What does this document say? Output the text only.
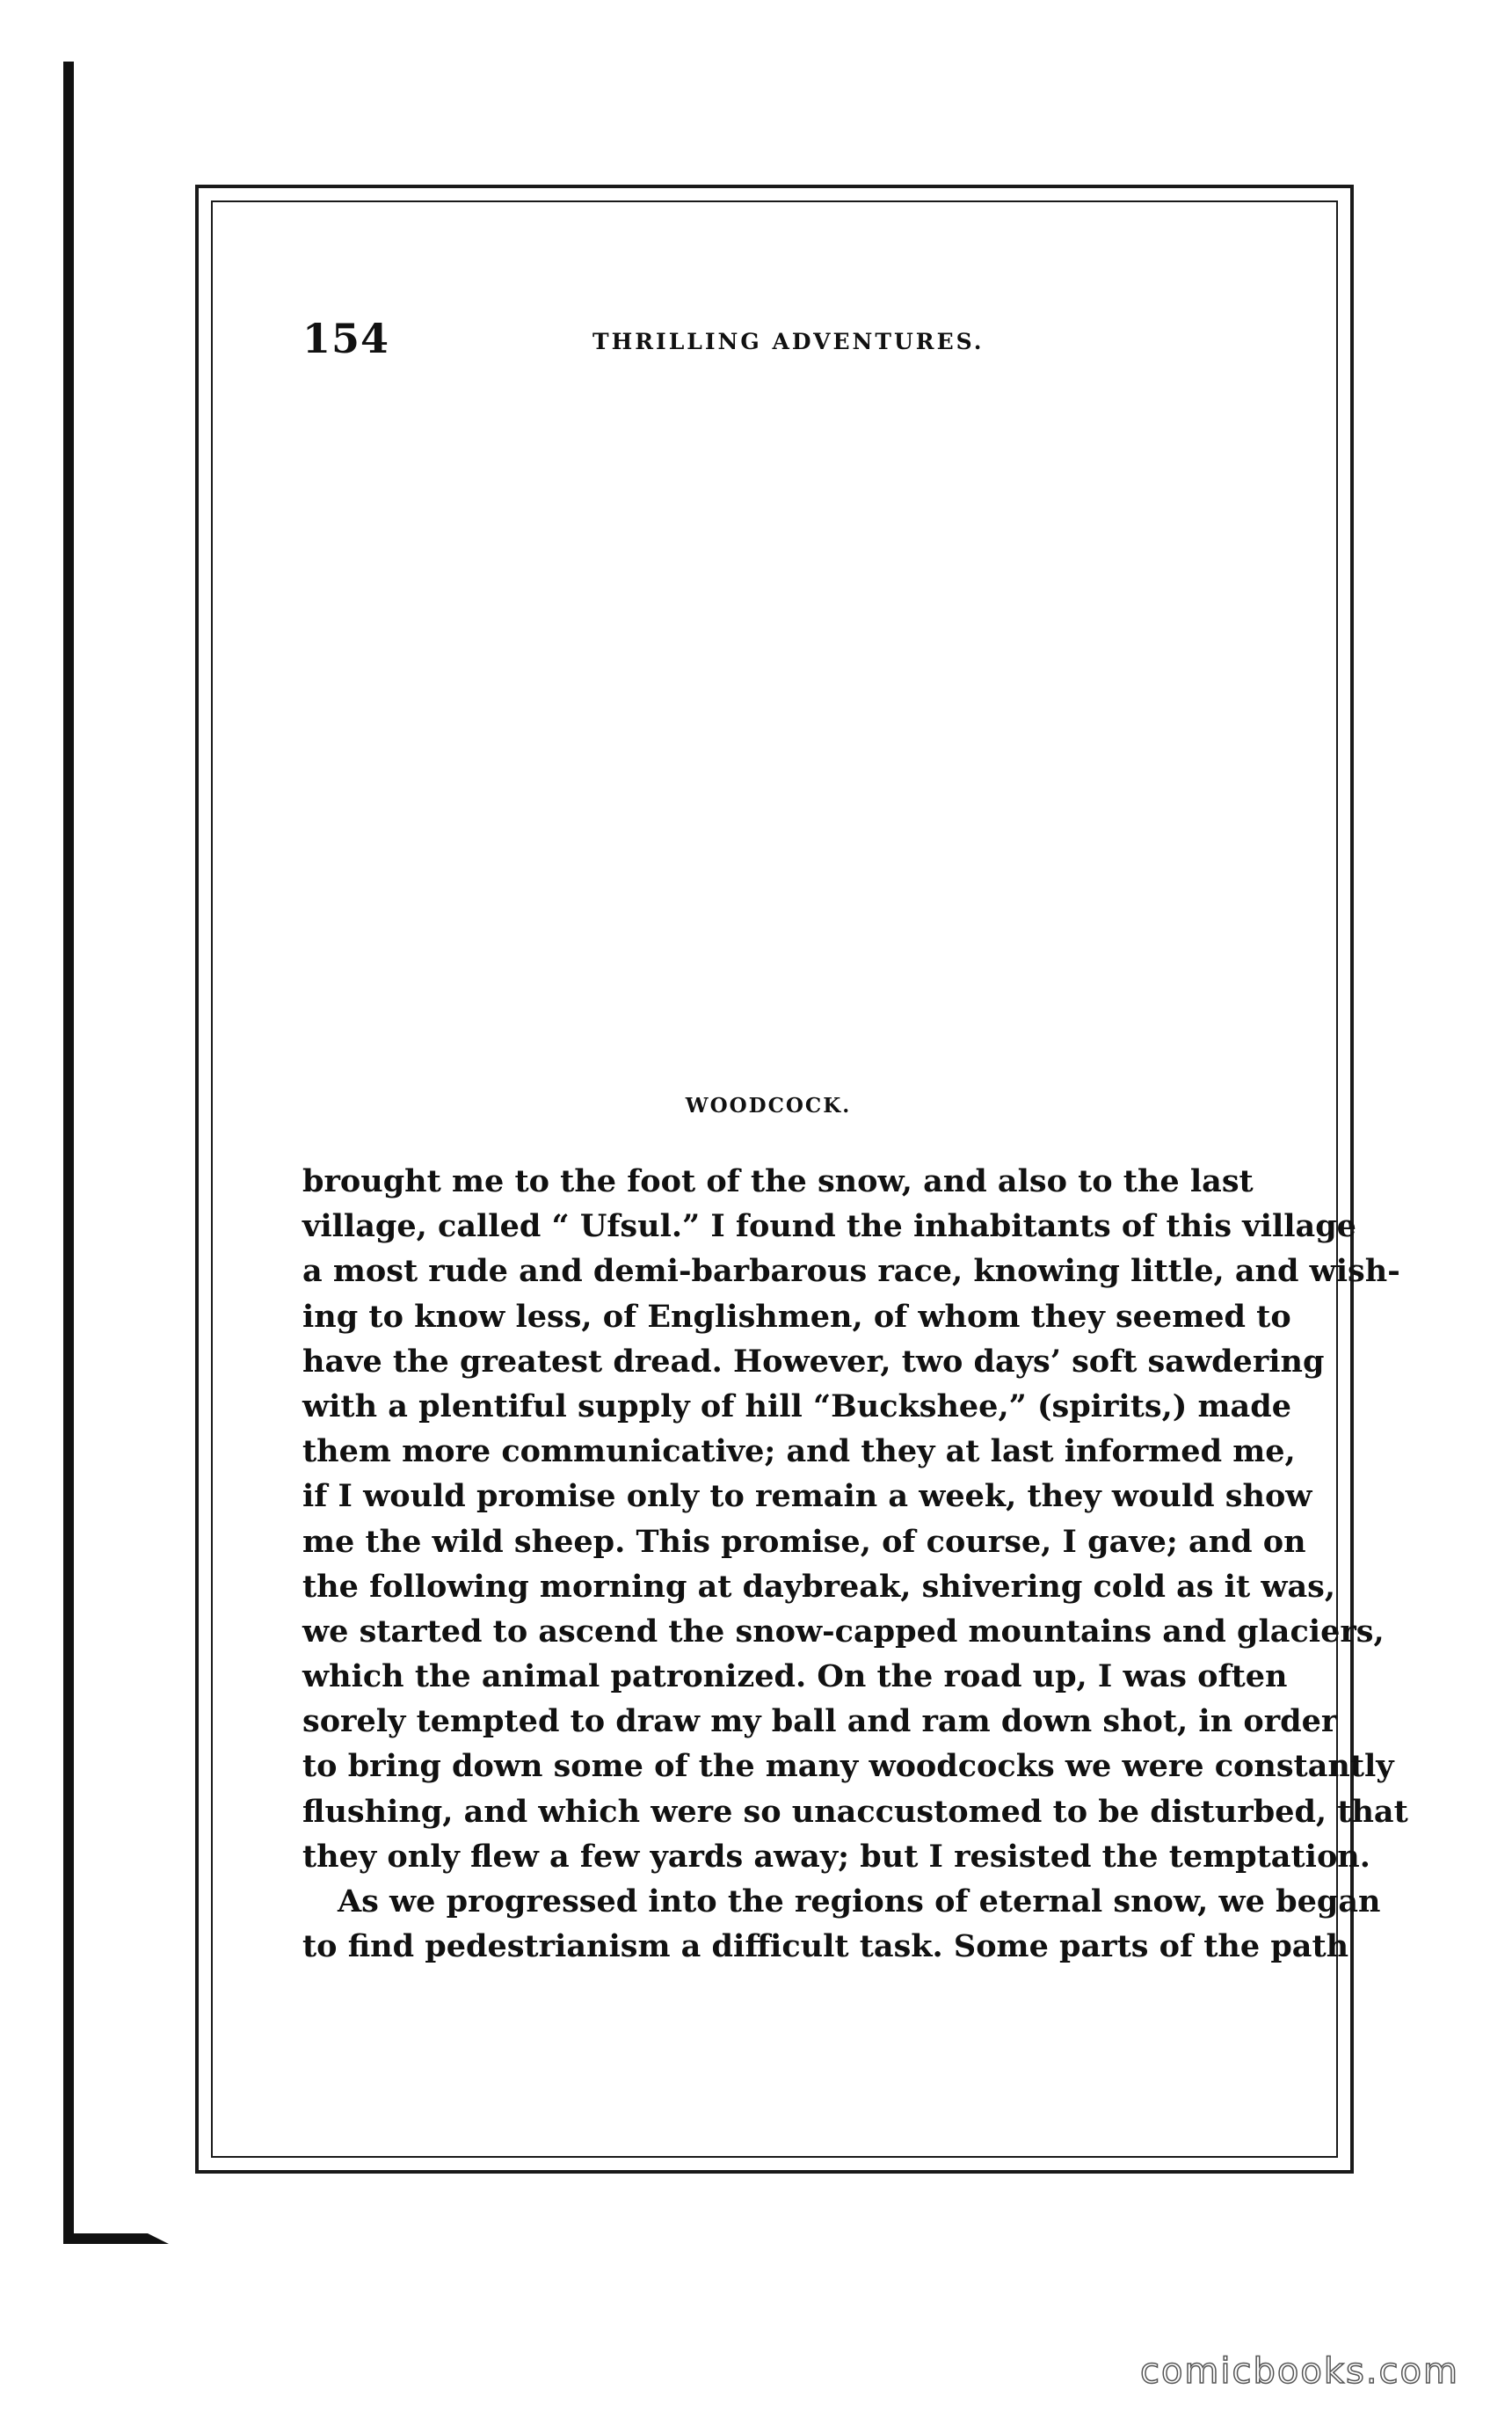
154	THRILLING ADVENTURES.
WOODCOCK.
brought me to the foot of the snow, and also to the last
village, called “ Ufsul.” I found the inhabitants of this village
a most rude and demi-barbarous race, knowing little, and wish-
ing to know less, of Englishmen, of whom they seemed to
have the greatest dread. However, two days’ soft sawdering
with a plentiful supply of hill “Buckshee,” (spirits,) made
them more communicative; and they at last informed me,
if I would promise only to remain a week, they would show
me the wild sheep. This promise, of course, I gave; and on
the following morning at daybreak, shivering cold as it was,
we started to ascend the snow-capped mountains and glaciers,
which the animal patronized. On the road up, I was often
sorely tempted to draw my ball and ram down shot, in order
to bring down some of the many woodcocks we were constantly
flushing, and which were so unaccustomed to be disturbed, that
they only flew a few yards away; but I resisted the temptation.
As we progressed into the regions of eternal snow, we began
to find pedestrianism a difficult task. Some parts of the path
comicbooks.com
